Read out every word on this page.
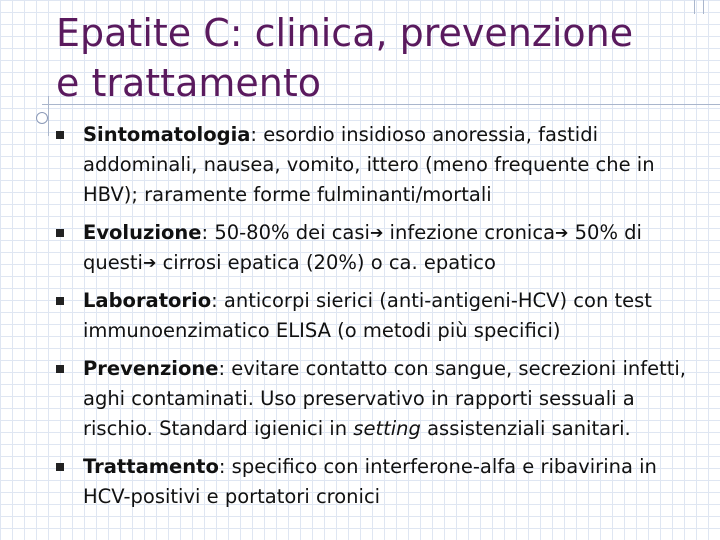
Epatite C: clinica, prevenzione
e trattamento
Sintomatologia: esordio insidioso anoressia, fastidi addominali, nausea, vomito, ittero (meno frequente che in HBV); raramente forme fulminanti/mortali
Evoluzione: 50-80% dei casi➔ infezione cronica➔ 50% di questi➔ cirrosi epatica (20%) o ca. epatico
Laboratorio: anticorpi sierici (anti-antigeni-HCV) con test immunoenzimatico ELISA (o metodi più specifici)
Prevenzione: evitare contatto con sangue, secrezioni infetti, aghi contaminati. Uso preservativo in rapporti sessuali a rischio. Standard igienici in setting assistenziali sanitari.
Trattamento: specifico con interferone-alfa e ribavirina in HCV-positivi e portatori cronici
